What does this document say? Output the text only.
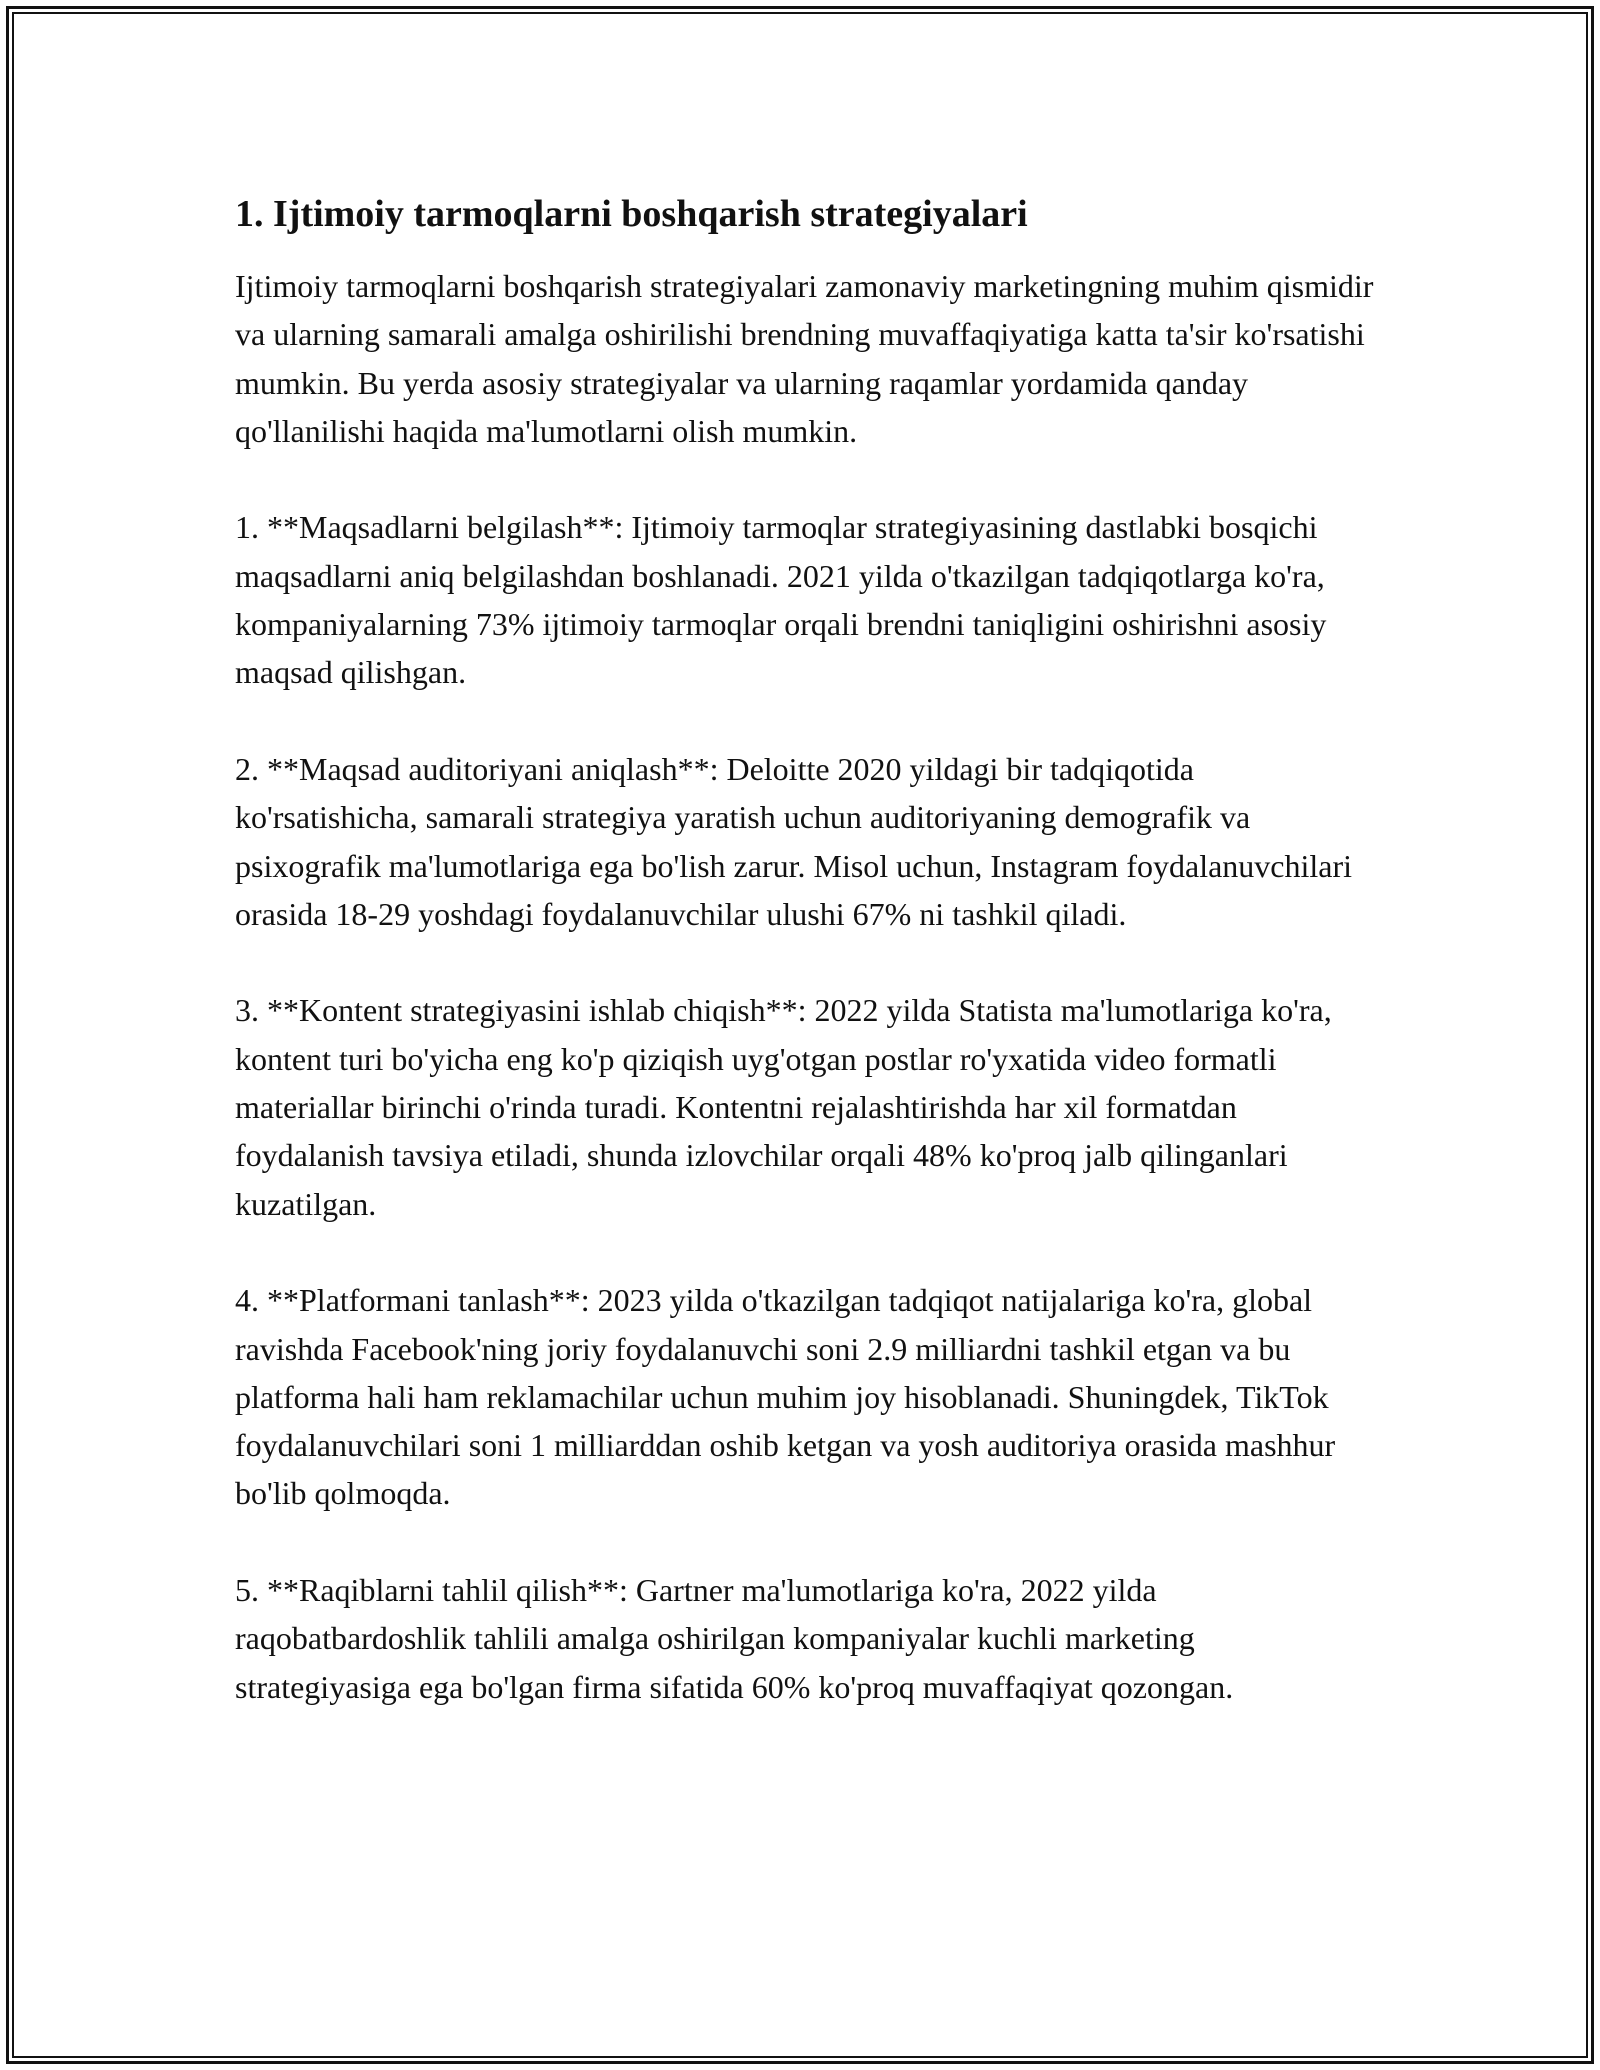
1. Ijtimoiy tarmoqlarni boshqarish strategiyalari

Ijtimoiy tarmoqlarni boshqarish strategiyalari zamonaviy marketingning muhim qismidir va ularning samarali amalga oshirilishi brendning muvaffaqiyatiga katta ta'sir ko'rsatishi mumkin. Bu yerda asosiy strategiyalar va ularning raqamlar yordamida qanday qo'llanilishi haqida ma'lumotlarni olish mumkin.

1. **Maqsadlarni belgilash**: Ijtimoiy tarmoqlar strategiyasining dastlabki bosqichi maqsadlarni aniq belgilashdan boshlanadi. 2021 yilda o'tkazilgan tadqiqotlarga ko'ra, kompaniyalarning 73% ijtimoiy tarmoqlar orqali brendni taniqligini oshirishni asosiy maqsad qilishgan.

2. **Maqsad auditoriyani aniqlash**: Deloitte 2020 yildagi bir tadqiqotida ko'rsatishicha, samarali strategiya yaratish uchun auditoriyaning demografik va psixografik ma'lumotlariga ega bo'lish zarur. Misol uchun, Instagram foydalanuvchilari orasida 18-29 yoshdagi foydalanuvchilar ulushi 67% ni tashkil qiladi.

3. **Kontent strategiyasini ishlab chiqish**: 2022 yilda Statista ma'lumotlariga ko'ra, kontent turi bo'yicha eng ko'p qiziqish uyg'otgan postlar ro'yxatida video formatli materiallar birinchi o'rinda turadi. Kontentni rejalashtirishda har xil formatdan foydalanish tavsiya etiladi, shunda izlovchilar orqali 48% ko'proq jalb qilinganlari kuzatilgan.

4. **Platformani tanlash**: 2023 yilda o'tkazilgan tadqiqot natijalariga ko'ra, global ravishda Facebook'ning joriy foydalanuvchi soni 2.9 milliardni tashkil etgan va bu platforma hali ham reklamachilar uchun muhim joy hisoblanadi. Shuningdek, TikTok foydalanuvchilari soni 1 milliarddan oshib ketgan va yosh auditoriya orasida mashhur bo'lib qolmoqda.

5. **Raqiblarni tahlil qilish**: Gartner ma'lumotlariga ko'ra, 2022 yilda raqobatbardoshlik tahlili amalga oshirilgan kompaniyalar kuchli marketing strategiyasiga ega bo'lgan firma sifatida 60% ko'proq muvaffaqiyat qozongan.
